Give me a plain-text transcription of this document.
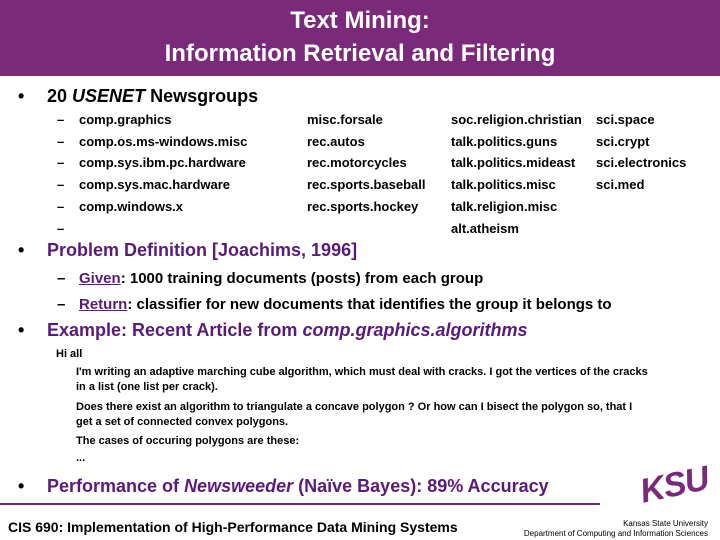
Text Mining:
Information Retrieval and Filtering
• 20 USENET Newsgroups
–
–
–
–
–
–
comp.graphics
comp.os.ms-windows.misc
comp.sys.ibm.pc.hardware
comp.sys.mac.hardware
comp.windows.x
misc.forsale
rec.autos
rec.motorcycles
rec.sports.baseball
rec.sports.hockey
soc.religion.christian
talk.politics.guns
talk.politics.mideast
talk.politics.misc
talk.religion.misc
alt.atheism
sci.space
sci.crypt
sci.electronics
sci.med
• Problem Definition [Joachims, 1996]
– Given: 1000 training documents (posts) from each group
– Return: classifier for new documents that identifies the group it belongs to
• Example: Recent Article from comp.graphics.algorithms
Hi all
I'm writing an adaptive marching cube algorithm, which must deal with cracks. I got the vertices of the cracks
in a list (one list per crack).
Does there exist an algorithm to triangulate a concave polygon ? Or how can I bisect the polygon so, that I
get a set of connected convex polygons.
The cases of occuring polygons are these:
...
• Performance of Newsweeder (Naïve Bayes): 89% Accuracy
CIS 690: Implementation of High-Performance Data Mining Systems
KSU
Kansas State University
Department of Computing and Information Sciences
